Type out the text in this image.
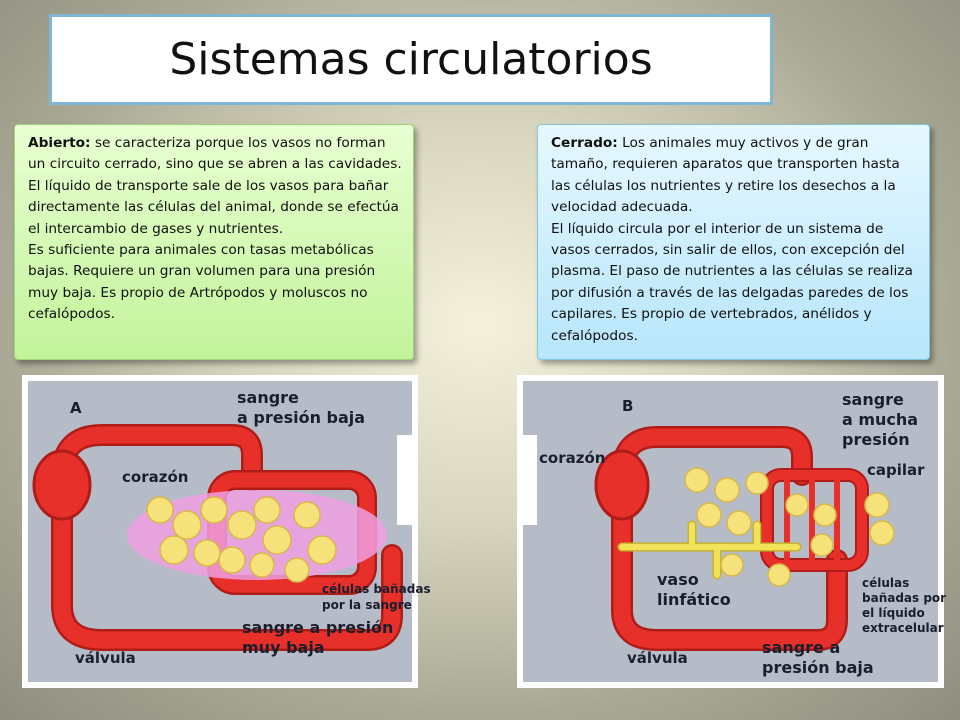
Sistemas circulatorios

Abierto: se caracteriza porque los vasos no forman un circuito cerrado, sino que se abren a las cavidades. El líquido de transporte sale de los vasos para bañar directamente las células del animal, donde se efectúa el intercambio de gases y nutrientes.

Es suficiente para animales con tasas metabólicas bajas. Requiere un gran volumen para una presión muy baja. Es propio de Artrópodos y moluscos no cefalópodos.

Cerrado: Los animales muy activos y de gran tamaño, requieren aparatos que transporten hasta las células los nutrientes y retire los desechos a la velocidad adecuada.

El líquido circula por el interior de un sistema de vasos cerrados, sin salir de ellos, con excepción del plasma. El paso de nutrientes a las células se realiza por difusión a través de las delgadas paredes de los capilares. Es propio de vertebrados, anélidos y cefalópodos.

A
sangre
a presión baja
corazón
células bañadas
por la sangre
sangre a presión
muy baja
válvula
B	sangre
a mucha
presión
corazón
capilar
vaso
linfático
células
bañadas por
el líquido
extracelular
sangre a
presión baja
válvula
